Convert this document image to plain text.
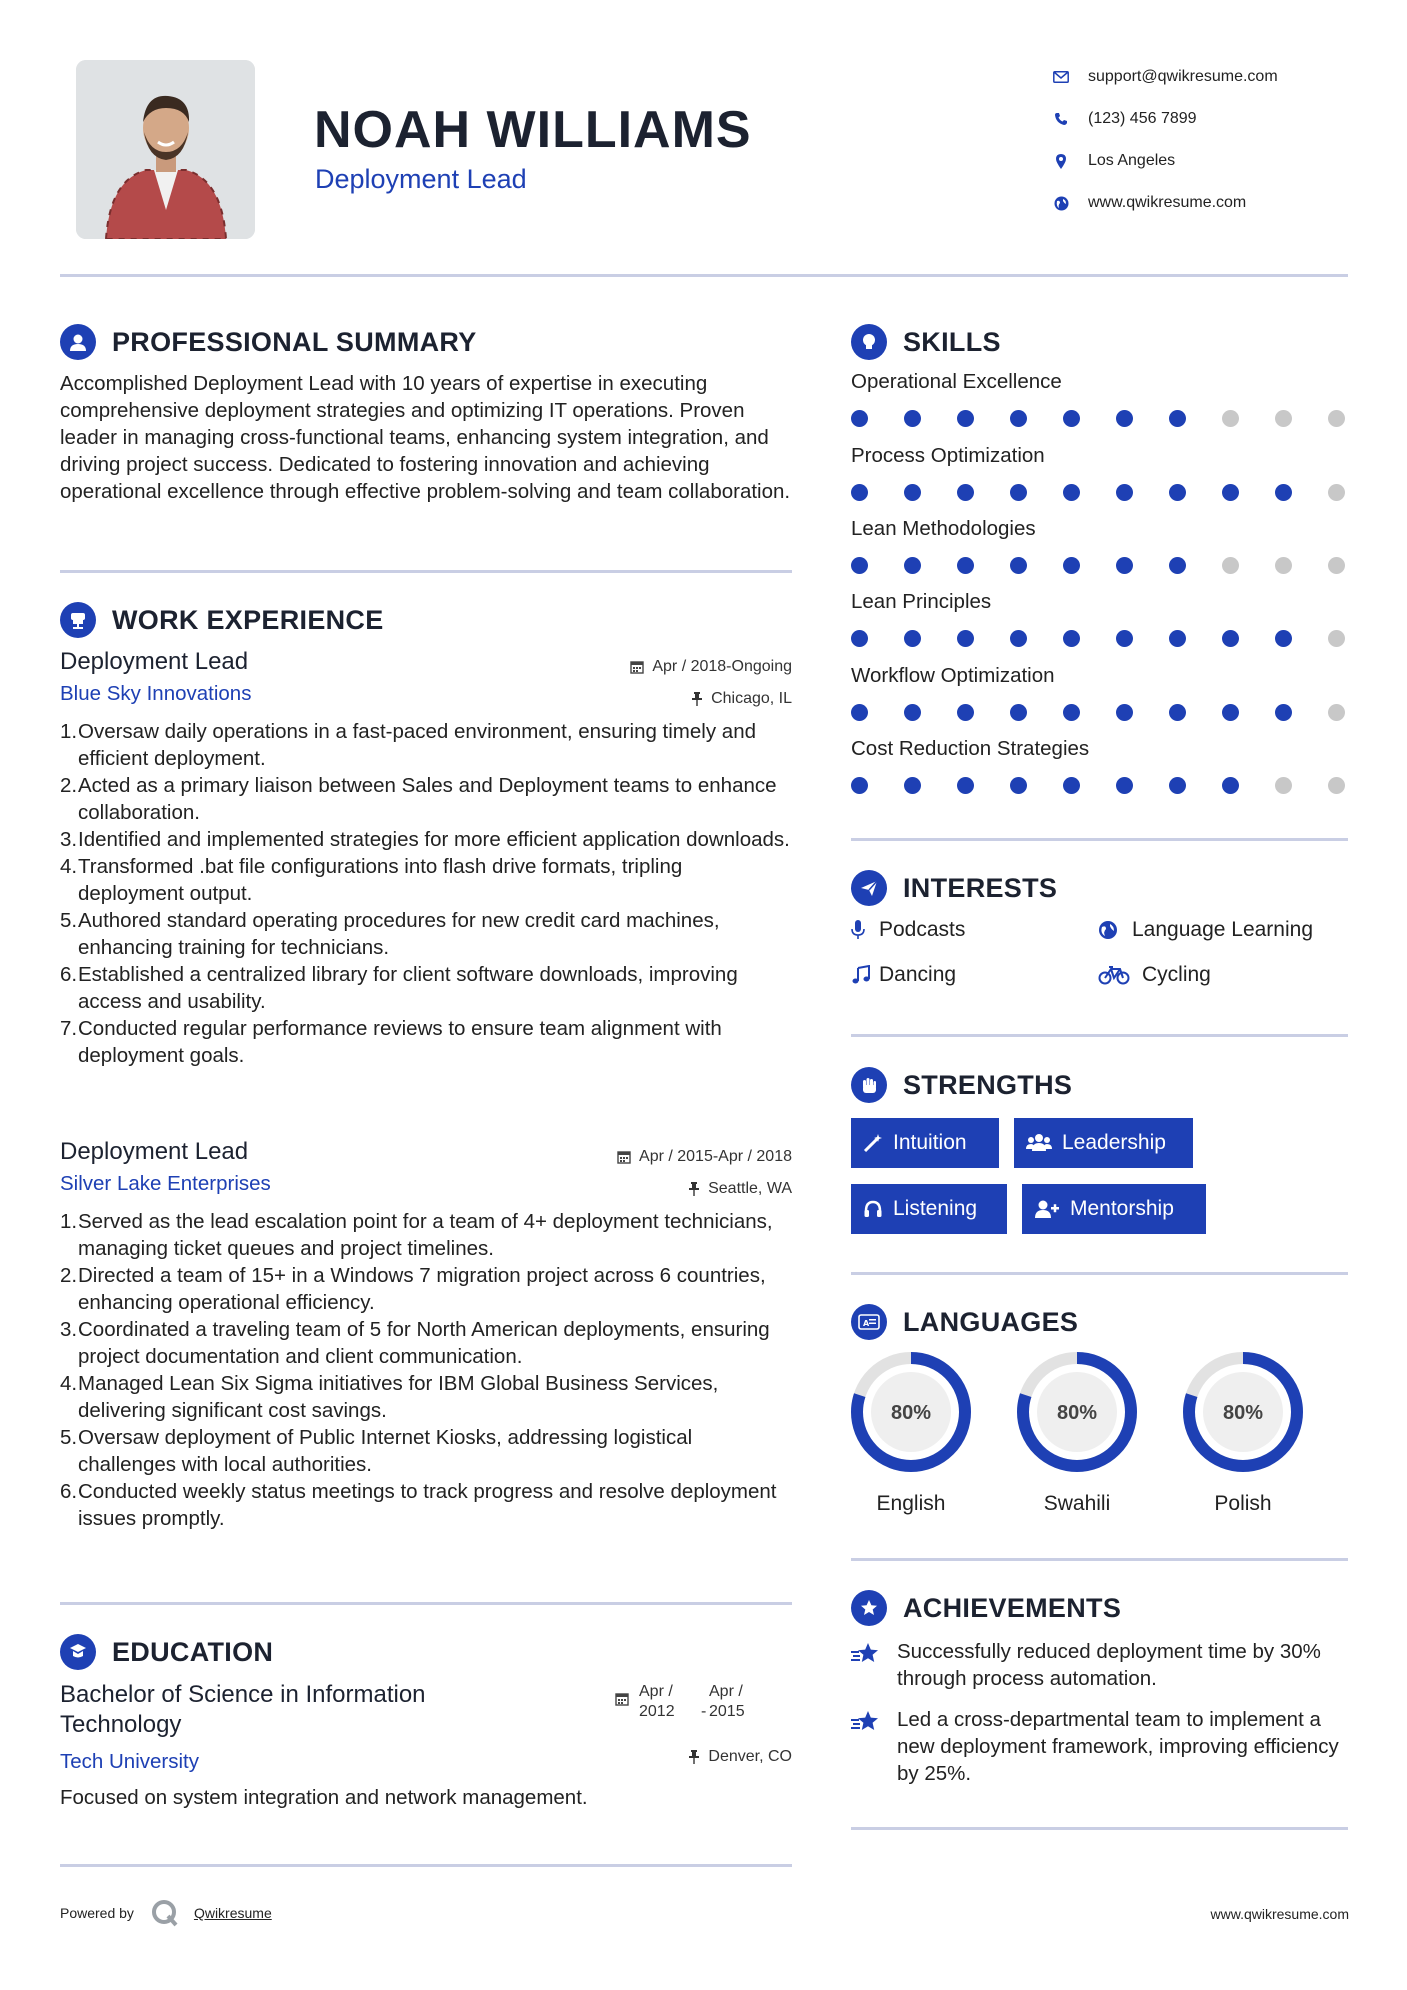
NOAH WILLIAMS
Deployment Lead
support@qwikresume.com
(123) 456 7899
Los Angeles
www.qwikresume.com
PROFESSIONAL SUMMARY
Accomplished Deployment Lead with 10 years of expertise in executing comprehensive deployment strategies and optimizing IT operations. Proven leader in managing cross-functional teams, enhancing system integration, and driving project success. Dedicated to fostering innovation and achieving operational excellence through effective problem-solving and team collaboration.
WORK EXPERIENCE
Deployment Lead
Blue Sky Innovations
Apr / 2018-Ongoing
Chicago, IL
1. Oversaw daily operations in a fast-paced environment, ensuring timely and efficient deployment.
2. Acted as a primary liaison between Sales and Deployment teams to enhance collaboration.
3. Identified and implemented strategies for more efficient application downloads.
4. Transformed .bat file configurations into flash drive formats, tripling deployment output.
5. Authored standard operating procedures for new credit card machines, enhancing training for technicians.
6. Established a centralized library for client software downloads, improving access and usability.
7. Conducted regular performance reviews to ensure team alignment with deployment goals.
Deployment Lead
Silver Lake Enterprises
Apr / 2015-Apr / 2018
Seattle, WA
1. Served as the lead escalation point for a team of 4+ deployment technicians, managing ticket queues and project timelines.
2. Directed a team of 15+ in a Windows 7 migration project across 6 countries, enhancing operational efficiency.
3. Coordinated a traveling team of 5 for North American deployments, ensuring project documentation and client communication.
4. Managed Lean Six Sigma initiatives for IBM Global Business Services, delivering significant cost savings.
5. Oversaw deployment of Public Internet Kiosks, addressing logistical challenges with local authorities.
6. Conducted weekly status meetings to track progress and resolve deployment issues promptly.
EDUCATION
Bachelor of Science in Information
Technology
Tech University
Focused on system integration and network management.
Apr /
2012	-
Apr /
2015
Denver, CO
SKILLS
Operational Excellence
Process Optimization
Lean Methodologies
Lean Principles
Workflow Optimization
Cost Reduction Strategies
INTERESTS
Podcasts	Language Learning
Dancing	Cycling
STRENGTHS
Intuition	Leadership
Listening	Mentorship
A LANGUAGES
80%
English
80%
Swahili
80%
Polish
ACHIEVEMENTS
Successfully reduced deployment time by 30% through process automation.
Led a cross-departmental team to implement a new deployment framework, improving efficiency by 25%.
Powered by	Qwikresume	www.qwikresume.com
